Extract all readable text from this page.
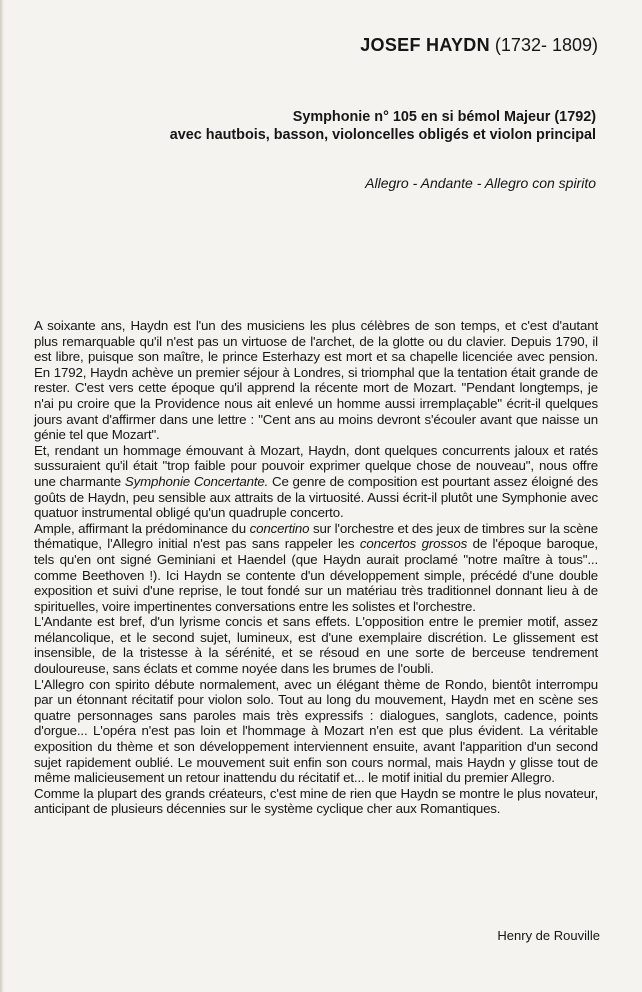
JOSEF HAYDN (1732- 1809)
Symphonie n° 105 en si bémol Majeur (1792)
avec hautbois, basson, violoncelles obligés et violon principal
Allegro - Andante - Allegro con spirito

A soixante ans, Haydn est l'un des musiciens les plus célèbres de son temps, et c'est d'autant plus remarquable qu'il n'est pas un virtuose de l'archet, de la glotte ou du clavier. Depuis 1790, il est libre, puisque son maître, le prince Esterhazy est mort et sa chapelle licenciée avec pension. En 1792, Haydn achève un premier séjour à Londres, si triomphal que la tentation était grande de rester. C'est vers cette époque qu'il apprend la récente mort de Mozart. "Pendant longtemps, je n'ai pu croire que la Providence nous ait enlevé un homme aussi irremplaçable" écrit-il quelques jours avant d'affirmer dans une lettre : "Cent ans au moins devront s'écouler avant que naisse un génie tel que Mozart".

Et, rendant un hommage émouvant à Mozart, Haydn, dont quelques concurrents jaloux et ratés sussuraient qu'il était "trop faible pour pouvoir exprimer quelque chose de nouveau", nous offre une charmante Symphonie Concertante. Ce genre de composition est pourtant assez éloigné des goûts de Haydn, peu sensible aux attraits de la virtuosité. Aussi écrit-il plutôt une Symphonie avec quatuor instrumental obligé qu'un quadruple concerto.

Ample, affirmant la prédominance du concertino sur l'orchestre et des jeux de timbres sur la scène thématique, l'Allegro initial n'est pas sans rappeler les concertos grossos de l'époque baroque, tels qu'en ont signé Geminiani et Haendel (que Haydn aurait proclamé "notre maître à tous"... comme Beethoven !). Ici Haydn se contente d'un développement simple, précédé d'une double exposition et suivi d'une reprise, le tout fondé sur un matériau très traditionnel donnant lieu à de spirituelles, voire impertinentes conversations entre les solistes et l'orchestre.

L'Andante est bref, d'un lyrisme concis et sans effets. L'opposition entre le premier motif, assez mélancolique, et le second sujet, lumineux, est d'une exemplaire discrétion. Le glissement est insensible, de la tristesse à la sérénité, et se résoud en une sorte de berceuse tendrement douloureuse, sans éclats et comme noyée dans les brumes de l'oubli.

L'Allegro con spirito débute normalement, avec un élégant thème de Rondo, bientôt interrompu par un étonnant récitatif pour violon solo. Tout au long du mouvement, Haydn met en scène ses quatre personnages sans paroles mais très expressifs : dialogues, sanglots, cadence, points d'orgue... L'opéra n'est pas loin et l'hommage à Mozart n'en est que plus évident. La véritable exposition du thème et son développement interviennent ensuite, avant l'apparition d'un second sujet rapidement oublié. Le mouvement suit enfin son cours normal, mais Haydn y glisse tout de même malicieusement un retour inattendu du récitatif et... le motif initial du premier Allegro.

Comme la plupart des grands créateurs, c'est mine de rien que Haydn se montre le plus novateur, anticipant de plusieurs décennies sur le système cyclique cher aux Romantiques.

Henry de Rouville
